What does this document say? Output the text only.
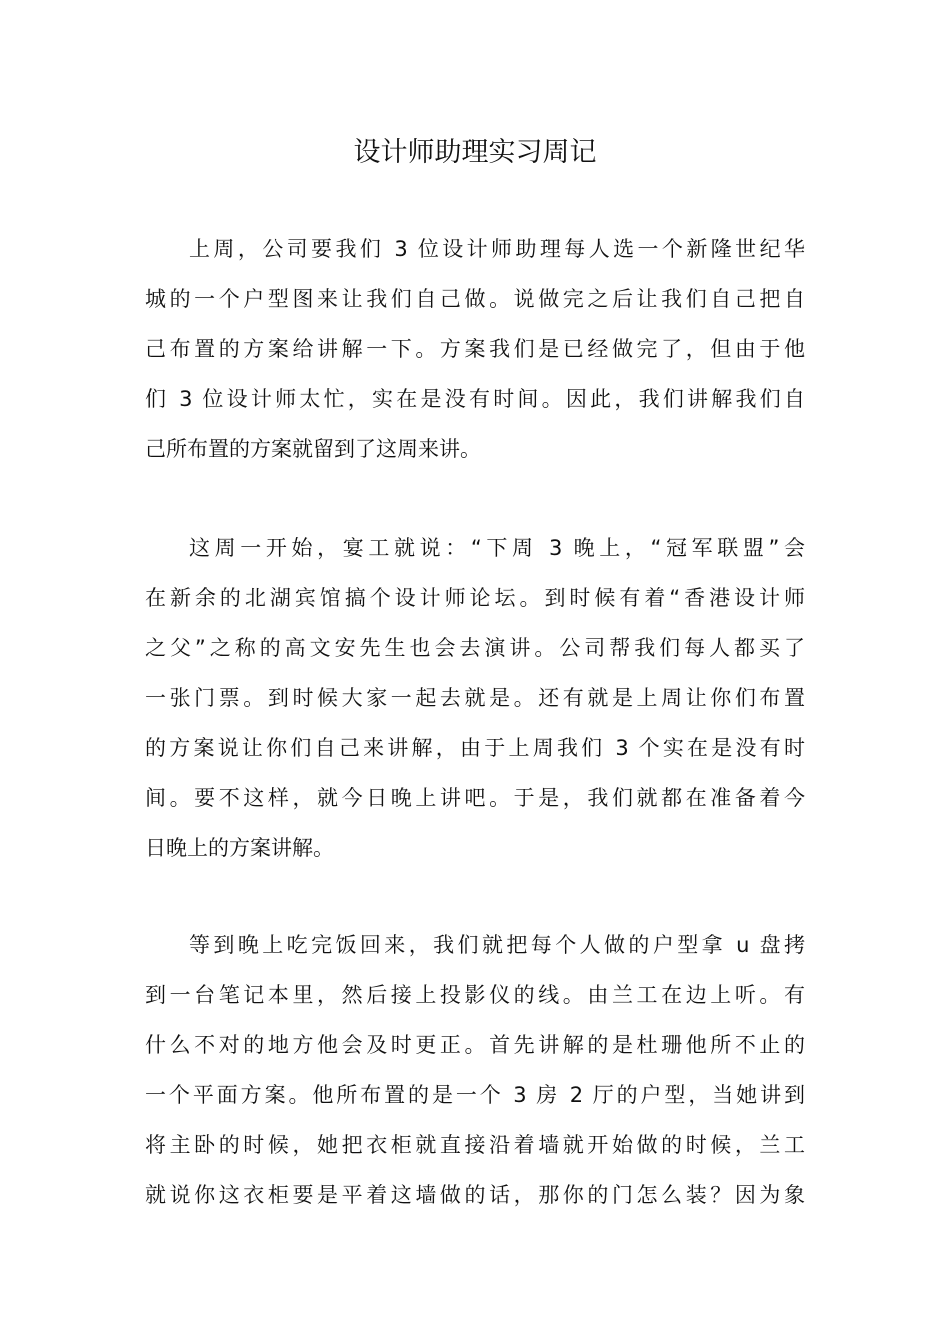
设计师助理实习周记
上周，公司要我们 3 位设计师助理每人选一个新隆世纪华
城的一个户型图来让我们自己做。说做完之后让我们自己把自
己布置的方案给讲解一下。方案我们是已经做完了，但由于他
们 3 位设计师太忙，实在是没有时间。因此，我们讲解我们自
己所布置的方案就留到了这周来讲。
这周一开始，宴工就说：“下周 3 晚上，“冠军联盟”会
在新余的北湖宾馆搞个设计师论坛。到时候有着“香港设计师
之父”之称的高文安先生也会去演讲。公司帮我们每人都买了
一张门票。到时候大家一起去就是。还有就是上周让你们布置
的方案说让你们自己来讲解，由于上周我们 3 个实在是没有时
间。要不这样，就今日晚上讲吧。于是，我们就都在准备着今
日晚上的方案讲解。
等到晚上吃完饭回来，我们就把每个人做的户型拿 u 盘拷
到一台笔记本里，然后接上投影仪的线。由兰工在边上听。有
什么不对的地方他会及时更正。首先讲解的是杜珊他所不止的
一个平面方案。他所布置的是一个 3 房 2 厅的户型，当她讲到
将主卧的时候，她把衣柜就直接沿着墙就开始做的时候，兰工
就说你这衣柜要是平着这墙做的话，那你的门怎么装？因为象
